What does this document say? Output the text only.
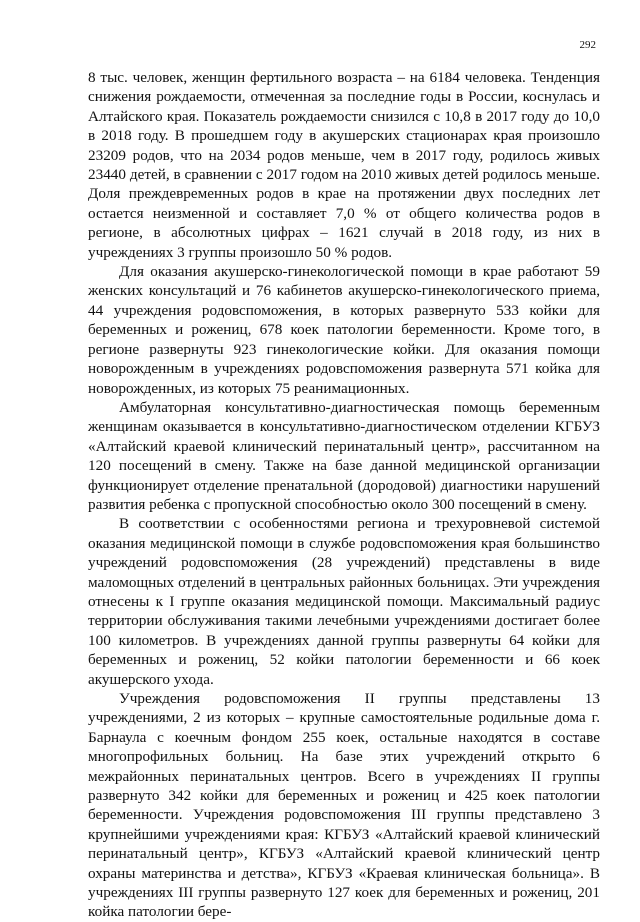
292

8 тыс. человек, женщин фертильного возраста – на 6184 человека. Тенденция снижения рождаемости, отмеченная за последние годы в России, коснулась и Алтайского края. Показатель рождаемости снизился с 10,8 в 2017 году до 10,0 в 2018 году. В прошедшем году в акушерских стационарах края произошло 23209 родов, что на 2034 родов меньше, чем в 2017 году, родилось живых 23440 детей, в сравнении с 2017 годом на 2010 живых детей родилось меньше. Доля преждевременных родов в крае на протяжении двух последних лет остается неизменной и составляет 7,0 % от общего количества родов в регионе, в абсолютных цифрах – 1621 случай в 2018 году, из них в учреждениях 3 группы произошло 50 % родов.

Для оказания акушерско-гинекологической помощи в крае работают 59 женских консультаций и 76 кабинетов акушерско-гинекологического приема, 44 учреждения родовспоможения, в которых развернуто 533 койки для беременных и рожениц, 678 коек патологии беременности. Кроме того, в регионе развернуты 923 гинекологические койки. Для оказания помощи новорожденным в учреждениях родовспоможения развернута 571 койка для новорожденных, из которых 75 реанимационных.

Амбулаторная консультативно-диагностическая помощь беременным женщинам оказывается в консультативно-диагностическом отделении КГБУЗ «Алтайский краевой клинический перинатальный центр», рассчитанном на 120 посещений в смену. Также на базе данной медицинской организации функционирует отделение пренатальной (дородовой) диагностики нарушений развития ребенка с пропускной способностью около 300 посещений в смену.

В соответствии с особенностями региона и трехуровневой системой оказания медицинской помощи в службе родовспоможения края большинство учреждений родовспоможения (28 учреждений) представлены в виде маломощных отделений в центральных районных больницах. Эти учреждения отнесены к I группе оказания медицинской помощи. Максимальный радиус территории обслуживания такими лечебными учреждениями достигает более 100 километров. В учреждениях данной группы развернуты 64 койки для беременных и рожениц, 52 койки патологии беременности и 66 коек акушерского ухода.

Учреждения родовспоможения II группы представлены 13 учреждениями, 2 из которых – крупные самостоятельные родильные дома г. Барнаула с коечным фондом 255 коек, остальные находятся в составе многопрофильных больниц. На базе этих учреждений открыто 6 межрайонных перинатальных центров. Всего в учреждениях II группы развернуто 342 койки для беременных и рожениц и 425 коек патологии беременности. Учреждения родовспоможения III группы представлено 3 крупнейшими учреждениями края: КГБУЗ «Алтайский краевой клинический перинатальный центр», КГБУЗ «Алтайский краевой клинический центр охраны материнства и детства», КГБУЗ «Краевая клиническая больница». В учреждениях III группы развернуто 127 коек для беременных и рожениц, 201 койка патологии бере-
